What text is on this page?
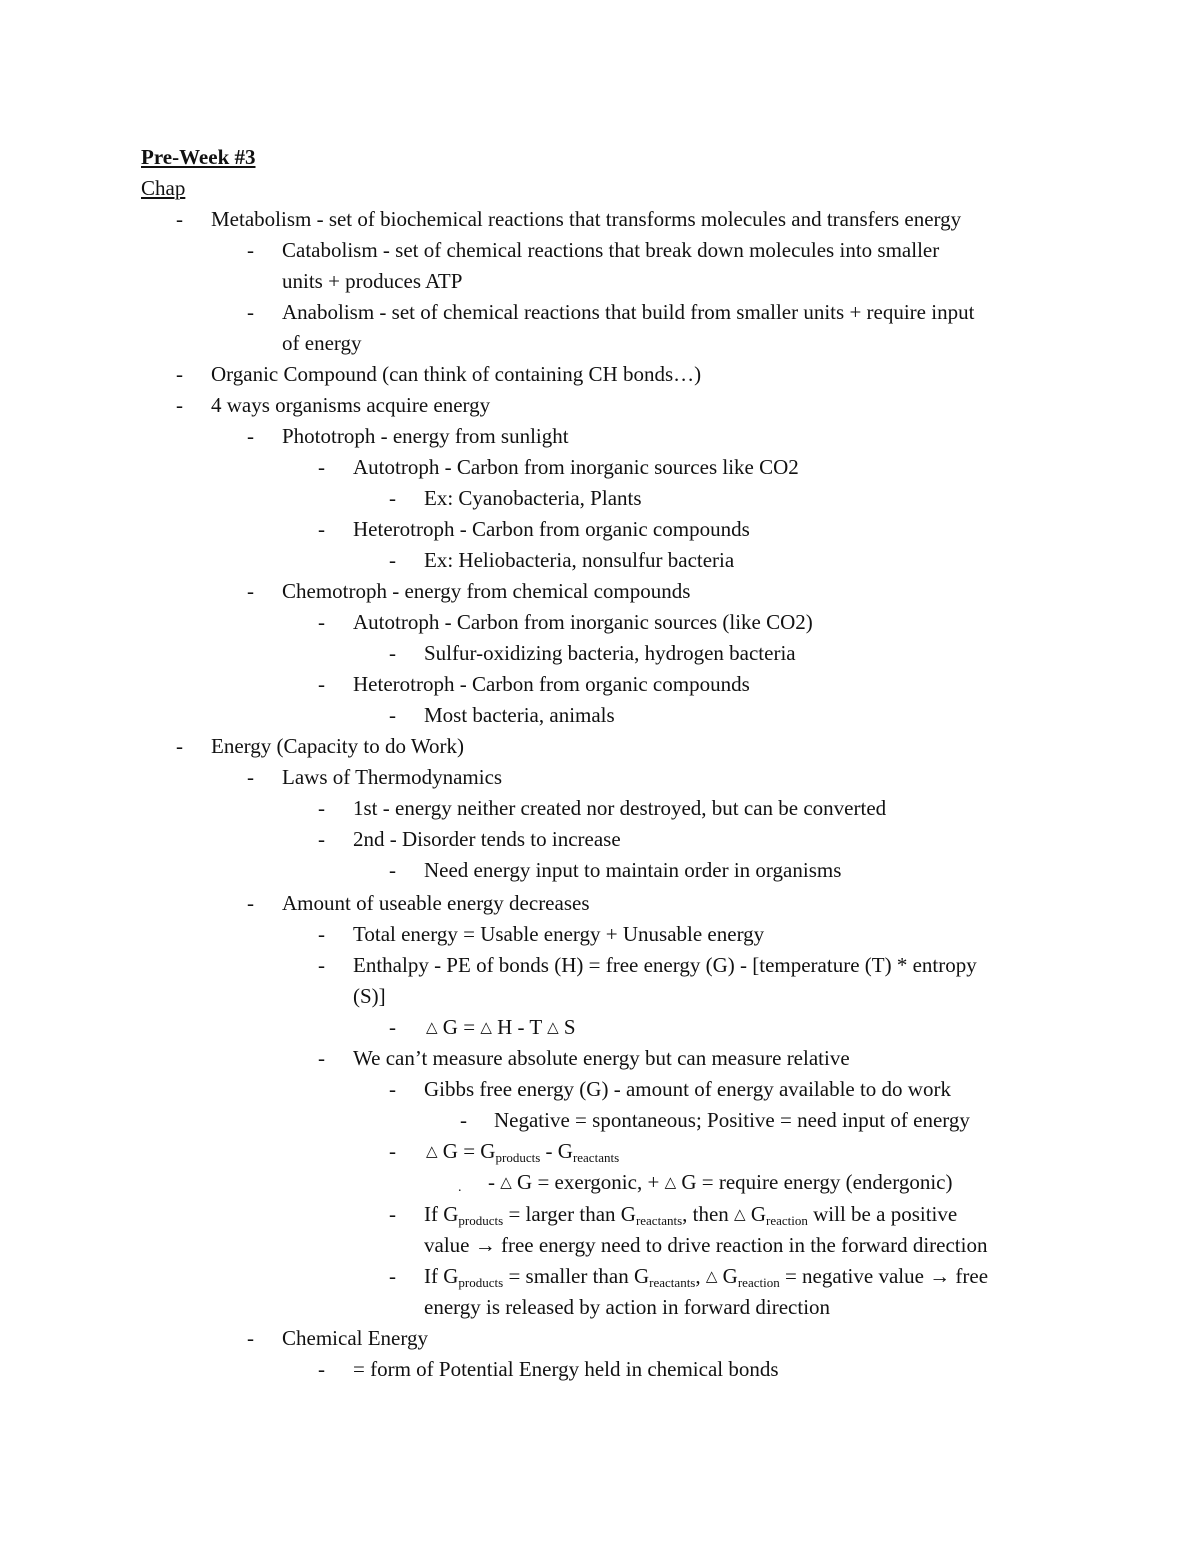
Pre-Week #3
Chap
- Metabolism - set of biochemical reactions that transforms molecules and transfers energy
- Catabolism - set of chemical reactions that break down molecules into smaller
units + produces ATP
- Anabolism - set of chemical reactions that build from smaller units + require input
of energy
- Organic Compound (can think of containing CH bonds…)
- 4 ways organisms acquire energy
- Phototroph - energy from sunlight
- Autotroph - Carbon from inorganic sources like CO2
- Ex: Cyanobacteria, Plants
- Heterotroph - Carbon from organic compounds
- Ex: Heliobacteria, nonsulfur bacteria
- Chemotroph - energy from chemical compounds
- Autotroph - Carbon from inorganic sources (like CO2)
- Sulfur-oxidizing bacteria, hydrogen bacteria
- Heterotroph - Carbon from organic compounds
- Most bacteria, animals
- Energy (Capacity to do Work)
- Laws of Thermodynamics
- 1st - energy neither created nor destroyed, but can be converted
- 2nd - Disorder tends to increase
- Need energy input to maintain order in organisms
- Amount of useable energy decreases
- Total energy = Usable energy + Unusable energy
- Enthalpy - PE of bonds (H) = free energy (G) - [temperature (T) * entropy
(S)]
- △ G = △ H - T △ S
- We can’t measure absolute energy but can measure relative
- Gibbs free energy (G) - amount of energy available to do work
- Negative = spontaneous; Positive = need input of energy
- △ $G = G_{products} - G_{reactants}$
. - △ G = exergonic, + △ G = require energy (endergonic)
- If $G_{products}$ = larger than $G_{reactants}$, then △ $G_{reaction}$ will be a positive
value → free energy need to drive reaction in the forward direction
- If $G_{products}$ = smaller than $G_{reactants}$, △ $G_{reaction}$ = negative value → free
energy is released by action in forward direction
- Chemical Energy
- = form of Potential Energy held in chemical bonds
